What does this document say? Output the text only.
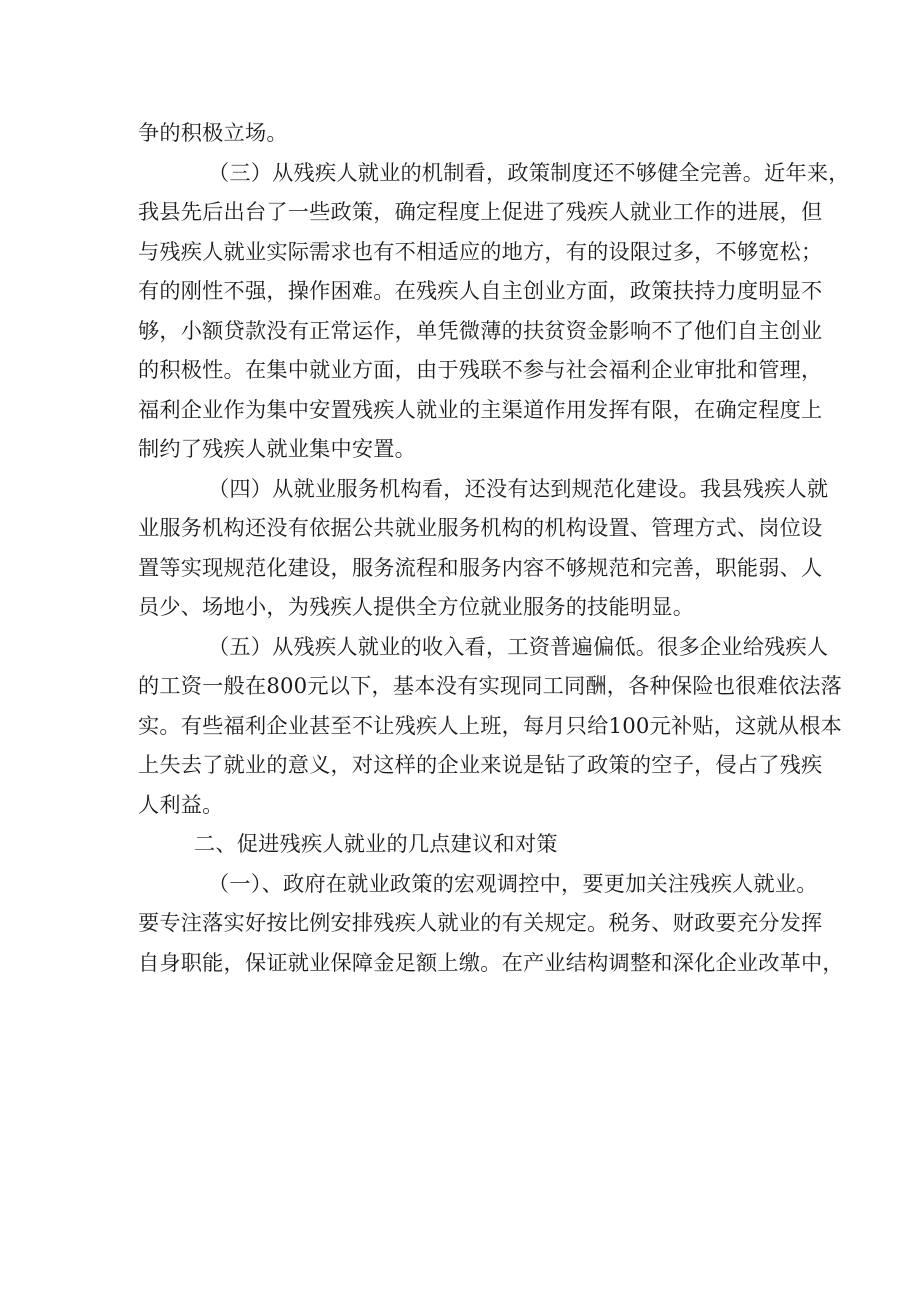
争的积极立场。
（三）从残疾人就业的机制看，政策制度还不够健全完善。近年来，
我县先后出台了一些政策，确定程度上促进了残疾人就业工作的进展，但
与残疾人就业实际需求也有不相适应的地方，有的设限过多，不够宽松；
有的刚性不强，操作困难。在残疾人自主创业方面，政策扶持力度明显不
够，小额贷款没有正常运作，单凭微薄的扶贫资金影响不了他们自主创业
的积极性。在集中就业方面，由于残联不参与社会福利企业审批和管理，
福利企业作为集中安置残疾人就业的主渠道作用发挥有限，在确定程度上
制约了残疾人就业集中安置。
（四）从就业服务机构看，还没有达到规范化建设。我县残疾人就
业服务机构还没有依据公共就业服务机构的机构设置、管理方式、岗位设
置等实现规范化建设，服务流程和服务内容不够规范和完善，职能弱、人
员少、场地小，为残疾人提供全方位就业服务的技能明显。
（五）从残疾人就业的收入看，工资普遍偏低。很多企业给残疾人
的工资一般在800元以下，基本没有实现同工同酬，各种保险也很难依法落
实。有些福利企业甚至不让残疾人上班，每月只给100元补贴，这就从根本
上失去了就业的意义，对这样的企业来说是钻了政策的空子，侵占了残疾
人利益。
二、促进残疾人就业的几点建议和对策
（一）、政府在就业政策的宏观调控中，要更加关注残疾人就业。
要专注落实好按比例安排残疾人就业的有关规定。税务、财政要充分发挥
自身职能，保证就业保障金足额上缴。在产业结构调整和深化企业改革中，
